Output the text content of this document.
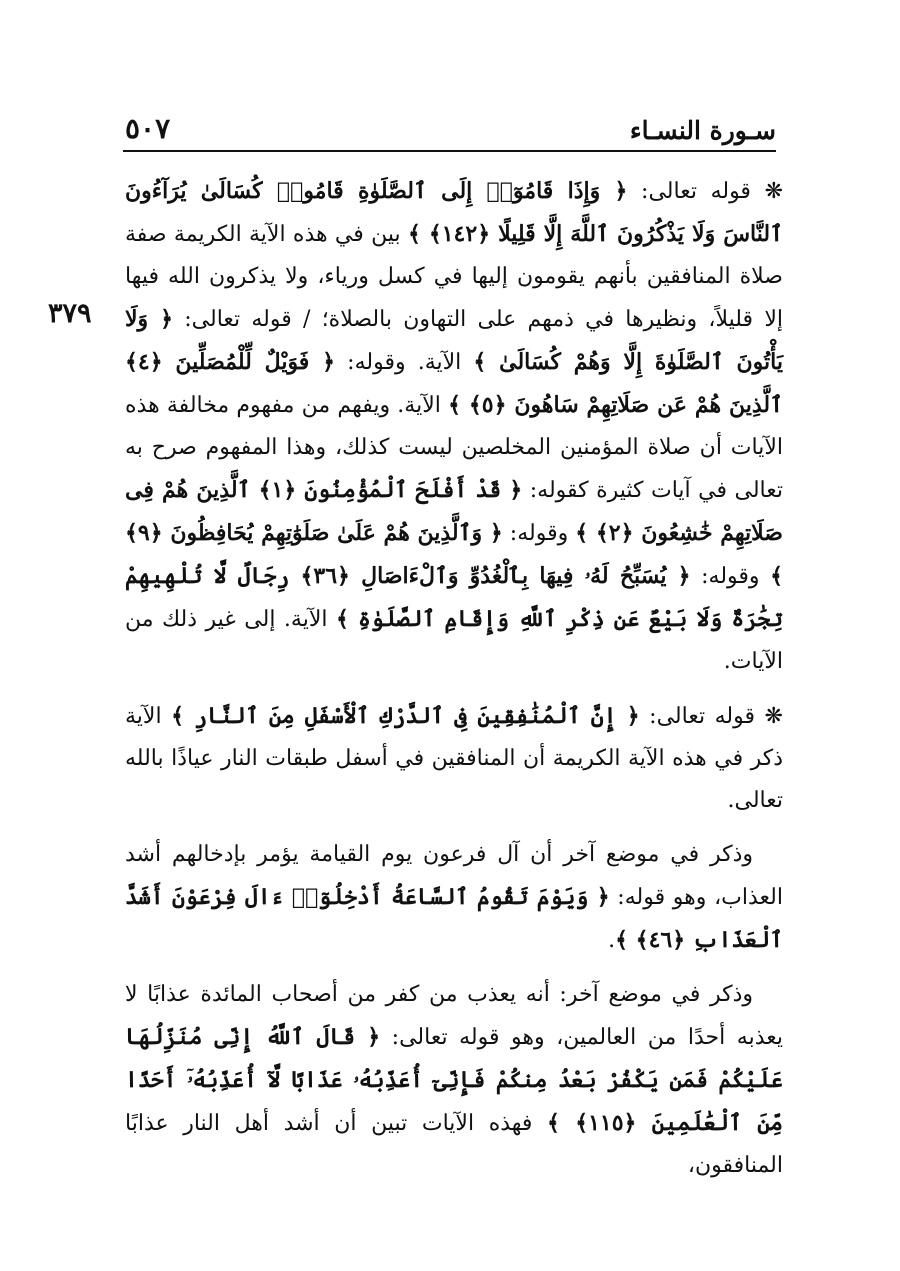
سـورة النسـاء
٥٠٧
٣٧٩

❋ قوله تعالى: ﴿ وَإِذَا قَامُوٓا۟ إِلَى ٱلصَّلَوٰةِ قَامُوا۟ كُسَالَىٰ يُرَآءُونَ ٱلنَّاسَ وَلَا يَذْكُرُونَ ٱللَّهَ إِلَّا قَلِيلًا ﴿١٤٢﴾ ﴾ بين في هذه الآية الكريمة صفة صلاة المنافقين بأنهم يقومون إليها في كسل ورياء، ولا يذكرون الله فيها إلا قليلاً، ونظيرها في ذمهم على التهاون بالصلاة؛ / قوله تعالى: ﴿ وَلَا يَأْتُونَ ٱلصَّلَوٰةَ إِلَّا وَهُمْ كُسَالَىٰ ﴾ الآية. وقوله: ﴿ فَوَيْلٌ لِّلْمُصَلِّينَ ﴿٤﴾ ٱلَّذِينَ هُمْ عَن صَلَاتِهِمْ سَاهُونَ ﴿٥﴾ ﴾ الآية. ويفهم من مفهوم مخالفة هذه الآيات أن صلاة المؤمنين المخلصين ليست كذلك، وهذا المفهوم صرح به تعالى في آيات كثيرة كقوله: ﴿ قَدْ أَفْلَحَ ٱلْمُؤْمِنُونَ ﴿١﴾ ٱلَّذِينَ هُمْ فِى صَلَاتِهِمْ خَٰشِعُونَ ﴿٢﴾ ﴾ وقوله: ﴿ وَٱلَّذِينَ هُمْ عَلَىٰ صَلَوَٰتِهِمْ يُحَافِظُونَ ﴿٩﴾ ﴾ وقوله: ﴿ يُسَبِّحُ لَهُۥ فِيهَا بِٱلْغُدُوِّ وَٱلْءَاصَالِ ﴿٣٦﴾ رِجَالٌ لَّا تُلْهِيهِمْ تِجَٰرَةٌ وَلَا بَيْعٌ عَن ذِكْرِ ٱللَّهِ وَإِقَامِ ٱلصَّلَوٰةِ ﴾ الآية. إلى غير ذلك من الآيات.

❋ قوله تعالى: ﴿ إِنَّ ٱلْمُنَٰفِقِينَ فِى ٱلدَّرْكِ ٱلْأَسْفَلِ مِنَ ٱلنَّارِ ﴾ الآية ذكر في هذه الآية الكريمة أن المنافقين في أسفل طبقات النار عياذًا بالله تعالى.

وذكر في موضع آخر أن آل فرعون يوم القيامة يؤمر بإدخالهم أشد العذاب، وهو قوله: ﴿ وَيَوْمَ تَقُومُ ٱلسَّاعَةُ أَدْخِلُوٓا۟ ءَالَ فِرْعَوْنَ أَشَدَّ ٱلْعَذَابِ ﴿٤٦﴾ ﴾.

وذكر في موضع آخر: أنه يعذب من كفر من أصحاب المائدة عذابًا لا يعذبه أحدًا من العالمين، وهو قوله تعالى: ﴿ قَالَ ٱللَّهُ إِنِّى مُنَزِّلُهَا عَلَيْكُمْ فَمَن يَكْفُرْ بَعْدُ مِنكُمْ فَإِنِّىٓ أُعَذِّبُهُۥ عَذَابًا لَّآ أُعَذِّبُهُۥٓ أَحَدًا مِّنَ ٱلْعَٰلَمِينَ ﴿١١٥﴾ ﴾ فهذه الآيات تبين أن أشد أهل النار عذابًا المنافقون،
